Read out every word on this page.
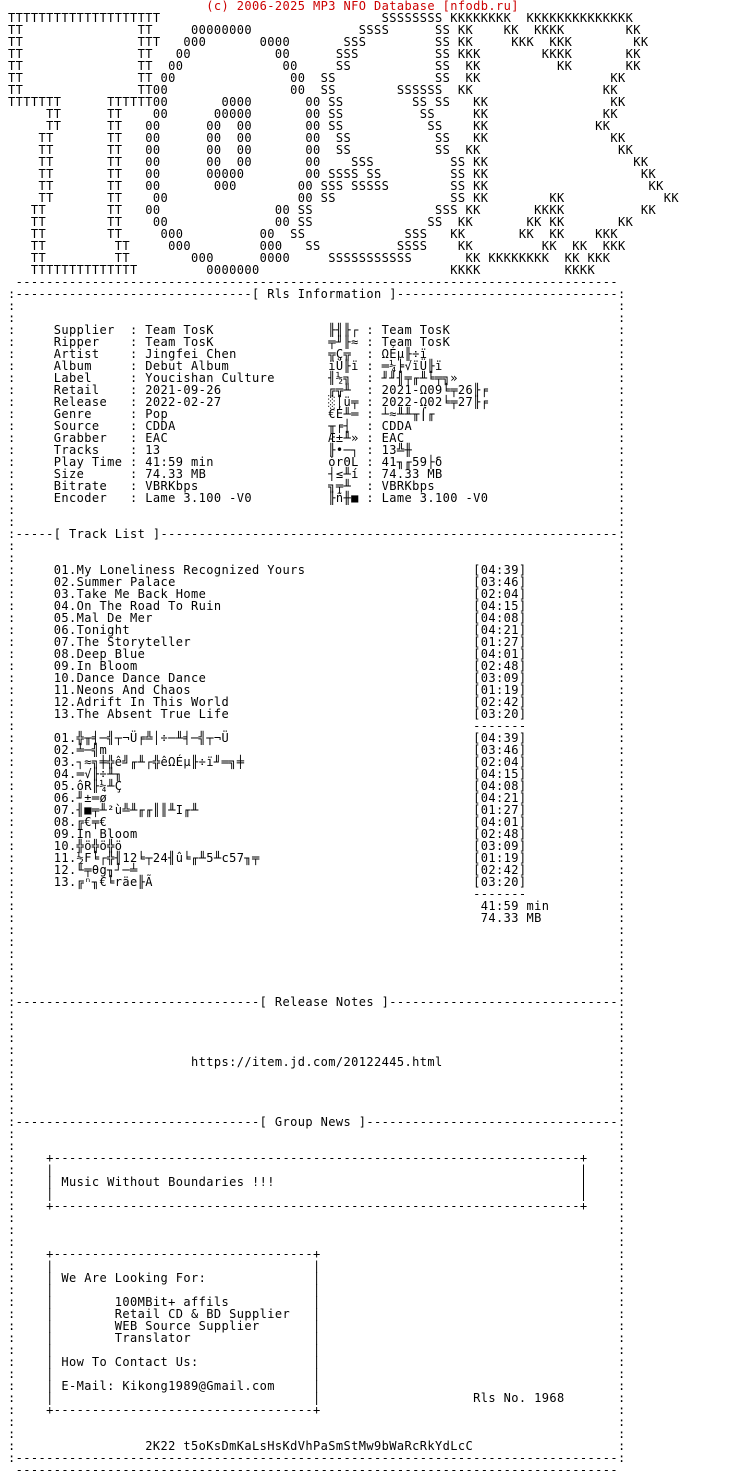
(c) 2006-2025 MP3 NFO Database [nfodb.ru]
TTTTTTTTTTTTTTTTTTTT                             SSSSSSSS KKKKKKKK  KKKKKKKKKKKKKK
TT               TT     00000000              SSSS      SS KK    KK  KKKK        KK
TT               TTT   000       0000       SSS         SS KK     KKK  KKK        KK
TT               TT   00           00      SSS          SS KKK        KKKK       KK
TT               TT  00             00     SS           SS  KK          KK       KK
TT               TT 00               00  SS             SS  KK                 KK
TT               TT00                00  SS        SSSSSS  KK                 KK
TTTTTTT      TTTTTT00       0000       00 SS         SS SS   KK                KK
TT      TT    00      00000       00 SS          SS     KK               KK
TT      TT   00      00  00       00 SS           SS    KK              KK
TT       TT   00      00  00       00  SS           SS   KK                KK
TT       TT   00      00  00       00  SS           SS  KK                  KK
TT       TT   00      00  00       00    SSS          SS KK                   KK
TT       TT   00      00000        00 SSSS SS         SS KK                    KK
TT       TT   00       000        00 SSS SSSSS        SS KK                     KK
TT       TT    00                 00 SS               SS KK        KK             KK
TT        TT   00               00 SS                SSS KK       KKKK          KK
TT        TT    00              00 SS               SS  KK       KK KK       KK
TT        TT     000          00  SS             SSS   KK       KK  KK    KKK
TT         TT     000         000   SS          SSSS    KK         KK  KK  KKK
TT         TT        000      0000     SSSSSSSSSSS       KK KKKKKKKK  KK KKK
TTTTTTTTTTTTTT         0000000                         KKKK           KKKK
-------------------------------------------------------------------------------
:-------------------------------[ Rls Information ]-----------------------------:
:                                                                               :
:                                                                               :
:     Supplier  : Team TosK	╟╢╟┌ : Team TosK                      :
:     Ripper    : Team TosK	╤╜╟≈ : Team TosK                      :
:     Artist    : Jingfei Chen	╦Ç╦  : ΩÉµ╟÷ï                         :
:     Album     : Debut Album	ïÜ╟ï : ═¼╞√ïÜ╟ï                       :
:     Label     : Youcishan Culture	╢½╗  : ╜╜╢╤╓╨╘╤╗»                     :
:     Retail    : 2021-09-26	╔╦╨  : 2021-Ω09╘╤26╟╒                 :
:     Release   : 2022-02-27	░│ü╤ : 2022-Ω02╘╤27╟╒                 :
:     Genre     : Pop	€É╨═ : ┴≈╨╨╥⌠╓                        :
:     Source    : CDDA	╥╒┤  : CDDA                           :
:     Grabber   : EAC	Æ±╨» : EAC                            :
:     Tracks    : 13	╟•─┐ : 13╩╫                           :
:     Play Time : 41:59 min	òrΘL : 41╖╓59├δ                       :
:     Size      : 74.33 MB	┤≤╨í : 74.33 MB                       :
:     Bitrate   : VBRKbps	╗╤╨  : VBRKbps                        :
:     Encoder   : Lame 3.100 -V0	╟ñ╫■ : Lame 3.100 -V0                 :
:                                                                               :
:                                                                               :
:-----[ Track List ]------------------------------------------------------------:
:                                                                               :
:                                                                               :
:     01.My Loneliness Recognized Yours	[04:39]            :
:     02.Summer Palace	[03:46]            :
:     03.Take Me Back Home	[02:04]            :
:     04.On The Road To Ruin	[04:15]            :
:     05.Mal De Mer	[04:08]            :
:     06.Tonight	[04:21]            :
:     07.The Storyteller	[01:27]            :
:     08.Deep Blue	[04:01]            :
:     09.In Bloom	[02:48]            :
:     10.Dance Dance Dance	[03:09]            :
:     11.Neons And Chaos	[01:19]            :
:     12.Adrift In This World	[02:42]            :
:     13.The Absent True Life	[03:20]            :
:                                                            -------            :
:     01.╬╥╡─╣┬¬Ü╒╩│÷─╨╡─╣┬¬Ü	[04:39]            :
:     02.╧─╣m	[03:46]            :
:     03.┐≈╗╪╬ê╝╓╨┌╬êΩÉµ╟÷ï╜═╗╪	[02:04]            :
:     04.═√╟÷╨╖	[04:15]            :
:     05.ôR╟¼╨Ç	[04:08]            :
:     06.╜±═ø	[04:21]            :
:     07.╢■╤╨²ù╩╨╓╓║║╨I╓╨	[01:27]            :
:     08.╔€╤€	[04:01]            :
:     09.In Bloom	[02:48]            :
:     10.╬ö╬ö╬ö	[03:09]            :
:     11.½F╘┌╬╢12╘┬24╢û╘╓╨5╨c57╖╤	[01:19]            :
:     12.╙╤θg╖┘─╧	[02:42]            :
:     13.╔ⁿ╖€╘räe╟Ã	[03:20]            :
:                                                            -------            :
:                                                             41:59 min         :
:                                                             74.33 MB          :
:                                                                               :
:                                                                               :
:                                                                               :
:                                                                               :
:                                                                               :
:                                                                               :
:--------------------------------[ Release Notes ]------------------------------:
:                                                                               :
:                                                                               :
:                                                                               :
:                                                                               :
:                       https://item.jd.com/20122445.html                       :
:                                                                               :
:                                                                               :
:                                                                               :
:                                                                               :
:--------------------------------[ Group News ]---------------------------------:
:                                                                               :
:                                                                               :
:    +---------------------------------------------------------------------+    :
:    |                                                                     |    :
:    | Music Without Boundaries !!!                                        |    :
:    |                                                                     |    :
:    +---------------------------------------------------------------------+    :
:                                                                               :
:                                                                               :
:                                                                               :
:    +----------------------------------+                                       :
:    |                                  |                                       :
:    | We Are Looking For:              |                                       :
:    |                                  |                                       :
:    |	100MBit+ affils           |                                       :
:    |	Retail CD & BD Supplier   |                                       :
:    |	WEB Source Supplier       |                                       :
:    |	Translator                |                                       :
:    |                                  |                                       :
:    | How To Contact Us:               |                                       :
:    |                                  |                                       :
:    | E-Mail: Kikong1989@Gmail.com     |                                       :
:    |                                  |	Rls No. 1968       :
:    +----------------------------------+                                       :
:                                                                               :
:                                                                               :
:                 2K22 t5oKsDmKaLsHsKdVhPaSmStMw9bWaRcRkYdLcC                   :
:-------------------------------------------------------------------------------:
-------------------------------------------------------------------------------
